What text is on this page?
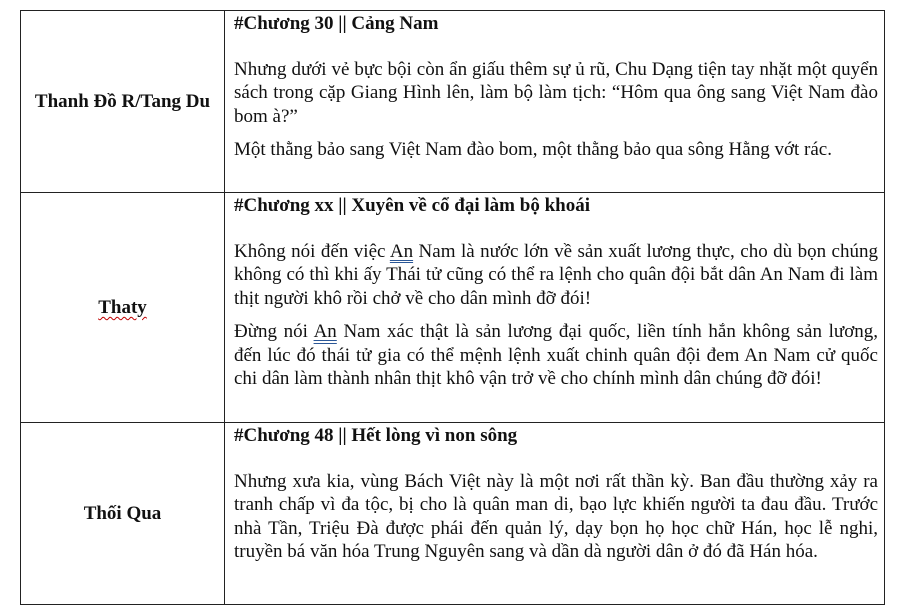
Thanh Đồ R/Tang Du	#Chương 30 || Cảng Nam

Nhưng dưới vẻ bực bội còn ẩn giấu thêm sự ủ rũ, Chu Dạng tiện tay nhặt một quyển sách trong cặp Giang Hình lên, làm bộ làm tịch: “Hôm qua ông sang Việt Nam đào bom à?”

Một thằng bảo sang Việt Nam đào bom, một thằng bảo qua sông Hằng vớt rác.

Thaty	#Chương xx || Xuyên về cổ đại làm bộ khoái

Không nói đến việc An Nam là nước lớn về sản xuất lương thực, cho dù bọn chúng không có thì khi ấy Thái tử cũng có thể ra lệnh cho quân đội bắt dân An Nam đi làm thịt người khô rồi chở về cho dân mình đỡ đói!

Đừng nói An Nam xác thật là sản lương đại quốc, liền tính hắn không sản lương, đến lúc đó thái tử gia có thể mệnh lệnh xuất chinh quân đội đem An Nam cử quốc chi dân làm thành nhân thịt khô vận trở về cho chính mình dân chúng đỡ đói!

Thối Qua	#Chương 48 || Hết lòng vì non sông

Nhưng xưa kia, vùng Bách Việt này là một nơi rất thần kỳ. Ban đầu thường xảy ra tranh chấp vì đa tộc, bị cho là quân man di, bạo lực khiến người ta đau đầu. Trước nhà Tần, Triệu Đà được phái đến quản lý, dạy bọn họ học chữ Hán, học lễ nghi, truyền bá văn hóa Trung Nguyên sang và dần dà người dân ở đó đã Hán hóa.
